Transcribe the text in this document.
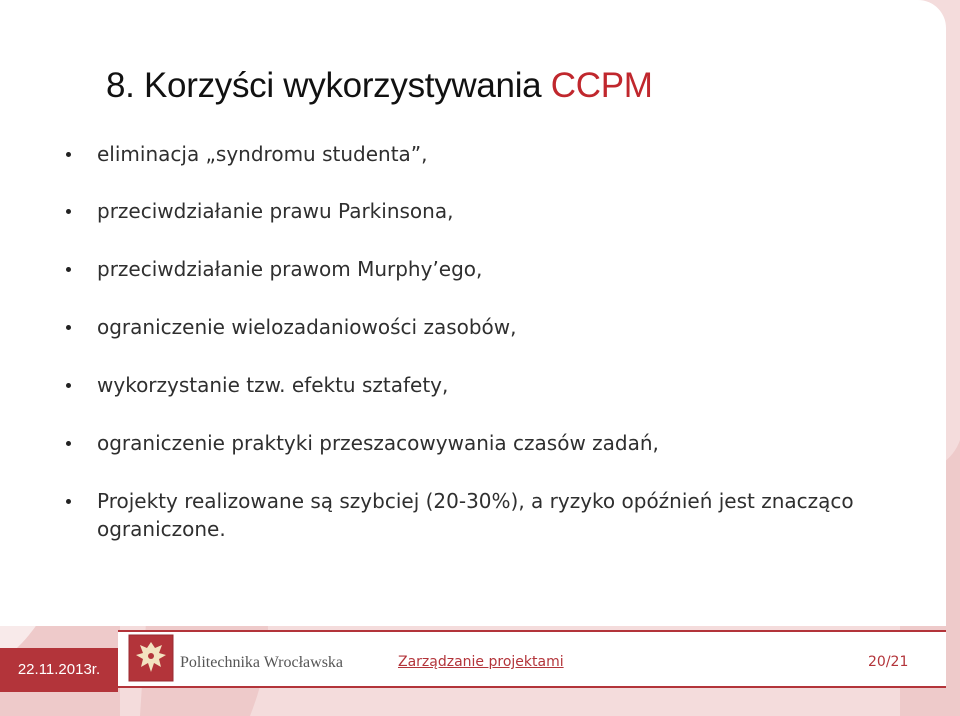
8. Korzyści wykorzystywania CCPM
eliminacja „syndromu studenta”,
przeciwdziałanie prawu Parkinsona,
przeciwdziałanie prawom Murphy’ego,
ograniczenie wielozadaniowości zasobów,
wykorzystanie tzw. efektu sztafety,
ograniczenie praktyki przeszacowywania czasów zadań,
Projekty realizowane są szybciej (20-30%), a ryzyko opóźnień jest znacząco ograniczone.
22.11.2013r.	Politechnika Wrocławska	Zarządzanie projektami	20/21
